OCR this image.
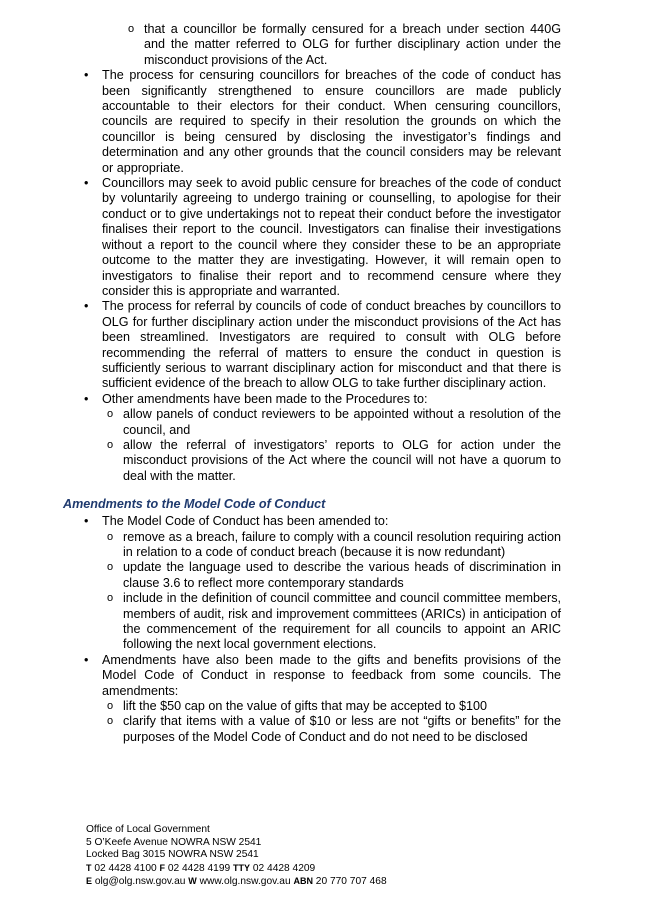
o that a councillor be formally censured for a breach under section 440G and the matter referred to OLG for further disciplinary action under the misconduct provisions of the Act.
• The process for censuring councillors for breaches of the code of conduct has been significantly strengthened to ensure councillors are made publicly accountable to their electors for their conduct. When censuring councillors, councils are required to specify in their resolution the grounds on which the councillor is being censured by disclosing the investigator’s findings and determination and any other grounds that the council considers may be relevant or appropriate.
• Councillors may seek to avoid public censure for breaches of the code of conduct by voluntarily agreeing to undergo training or counselling, to apologise for their conduct or to give undertakings not to repeat their conduct before the investigator finalises their report to the council. Investigators can finalise their investigations without a report to the council where they consider these to be an appropriate outcome to the matter they are investigating. However, it will remain open to investigators to finalise their report and to recommend censure where they consider this is appropriate and warranted.
• The process for referral by councils of code of conduct breaches by councillors to OLG for further disciplinary action under the misconduct provisions of the Act has been streamlined. Investigators are required to consult with OLG before recommending the referral of matters to ensure the conduct in question is sufficiently serious to warrant disciplinary action for misconduct and that there is sufficient evidence of the breach to allow OLG to take further disciplinary action.
• Other amendments have been made to the Procedures to:
o allow panels of conduct reviewers to be appointed without a resolution of the council, and
o allow the referral of investigators’ reports to OLG for action under the misconduct provisions of the Act where the council will not have a quorum to deal with the matter.
Amendments to the Model Code of Conduct
• The Model Code of Conduct has been amended to:
o remove as a breach, failure to comply with a council resolution requiring action in relation to a code of conduct breach (because it is now redundant)
o update the language used to describe the various heads of discrimination in clause 3.6 to reflect more contemporary standards
o include in the definition of council committee and council committee members, members of audit, risk and improvement committees (ARICs) in anticipation of the commencement of the requirement for all councils to appoint an ARIC following the next local government elections.
• Amendments have also been made to the gifts and benefits provisions of the Model Code of Conduct in response to feedback from some councils. The amendments:
o lift the $50 cap on the value of gifts that may be accepted to $100
o clarify that items with a value of $10 or less are not “gifts or benefits” for the purposes of the Model Code of Conduct and do not need to be disclosed
Office of Local Government
5 O’Keefe Avenue NOWRA NSW 2541
Locked Bag 3015 NOWRA NSW 2541
T 02 4428 4100 F 02 4428 4199 TTY 02 4428 4209
E olg@olg.nsw.gov.au W www.olg.nsw.gov.au ABN 20 770 707 468
